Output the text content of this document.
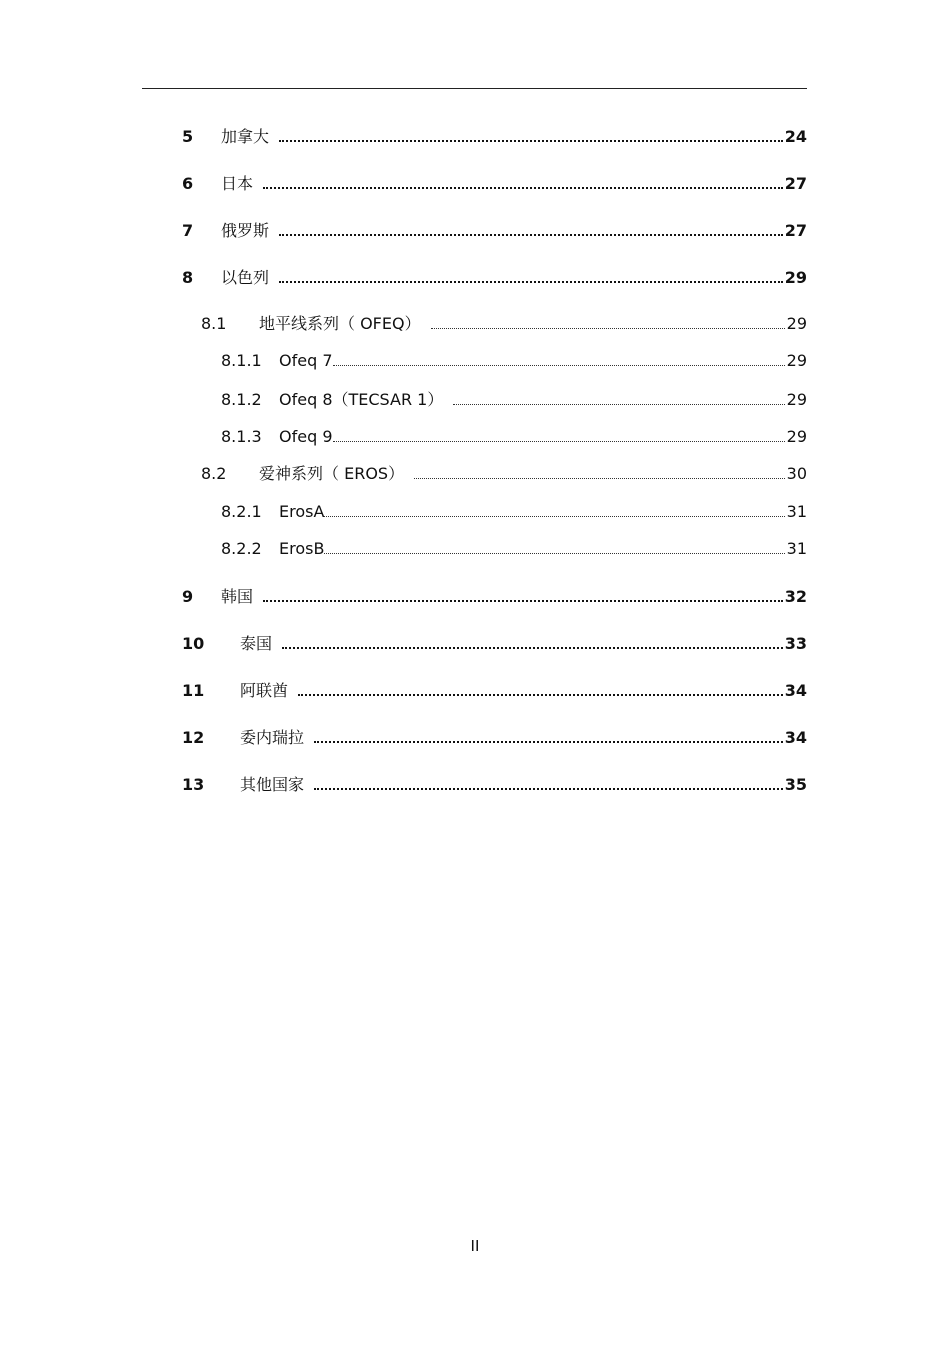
5	加拿大	24
6	日本	27
7	俄罗斯	27
8	以色列	29
8.1	地平线系列（ OFEQ）	29
8.1.1	Ofeq 7	29
8.1.2	Ofeq 8（TECSAR 1）	29
8.1.3	Ofeq 9	29
8.2	爱神系列（ EROS）	30
8.2.1	ErosA	31
8.2.2	ErosB	31
9	韩国	32
10	泰国	33
11	阿联酋	34
12	委内瑞拉	34
13	其他国家	35
II
